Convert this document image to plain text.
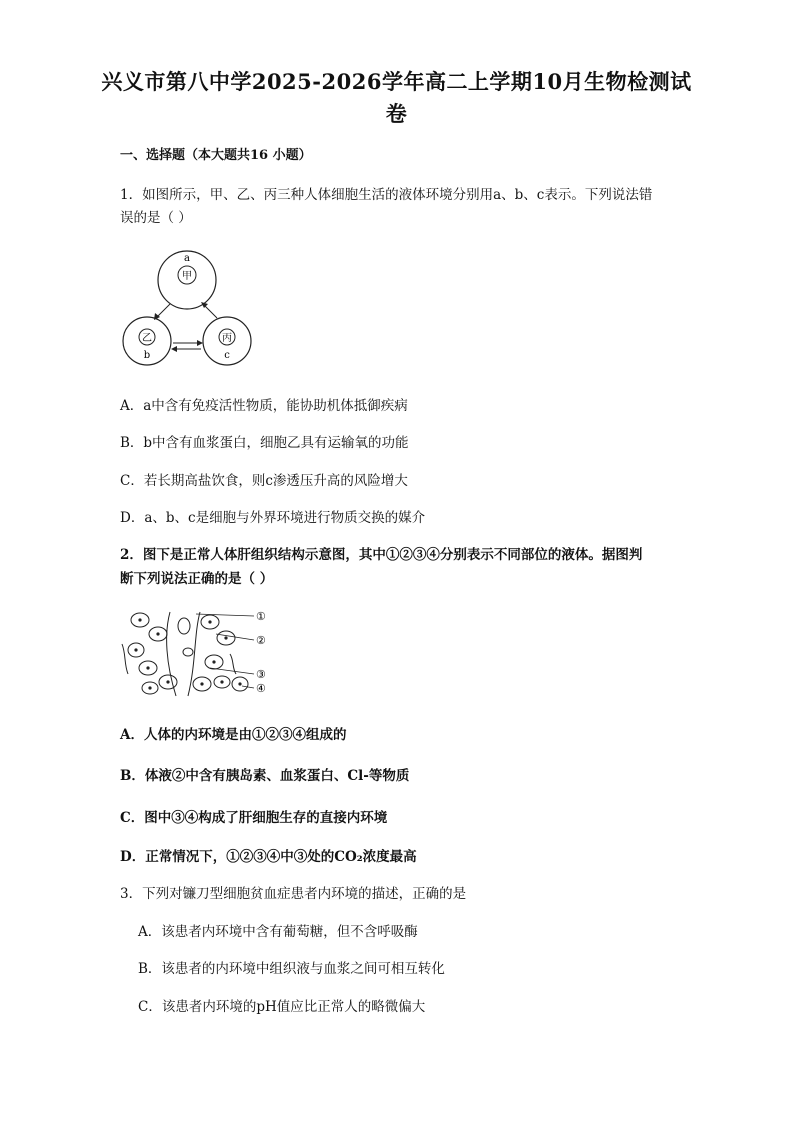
兴义市第八中学2025-2026学年高二上学期10月生物检测试卷
一、选择题（本大题共16 小题）
1．如图所示，甲、乙、丙三种人体细胞生活的液体环境分别用a、b、c表示。下列说法错
误的是（ ）
a
甲
乙
b
丙
c
A．a中含有免疫活性物质，能协助机体抵御疾病
B．b中含有血浆蛋白，细胞乙具有运输氧的功能
C．若长期高盐饮食，则c渗透压升高的风险增大
D．a、b、c是细胞与外界环境进行物质交换的媒介
2．图下是正常人体肝组织结构示意图，其中①②③④分别表示不同部位的液体。据图判
断下列说法正确的是（ ）
①
②
③
④
A．人体的内环境是由①②③④组成的
B．体液②中含有胰岛素、血浆蛋白、Cl-等物质
C．图中③④构成了肝细胞生存的直接内环境
D．正常情况下，①②③④中③处的CO₂浓度最高
3．下列对镰刀型细胞贫血症患者内环境的描述，正确的是
A．该患者内环境中含有葡萄糖，但不含呼吸酶
B．该患者的内环境中组织液与血浆之间可相互转化
C．该患者内环境的pH值应比正常人的略微偏大
